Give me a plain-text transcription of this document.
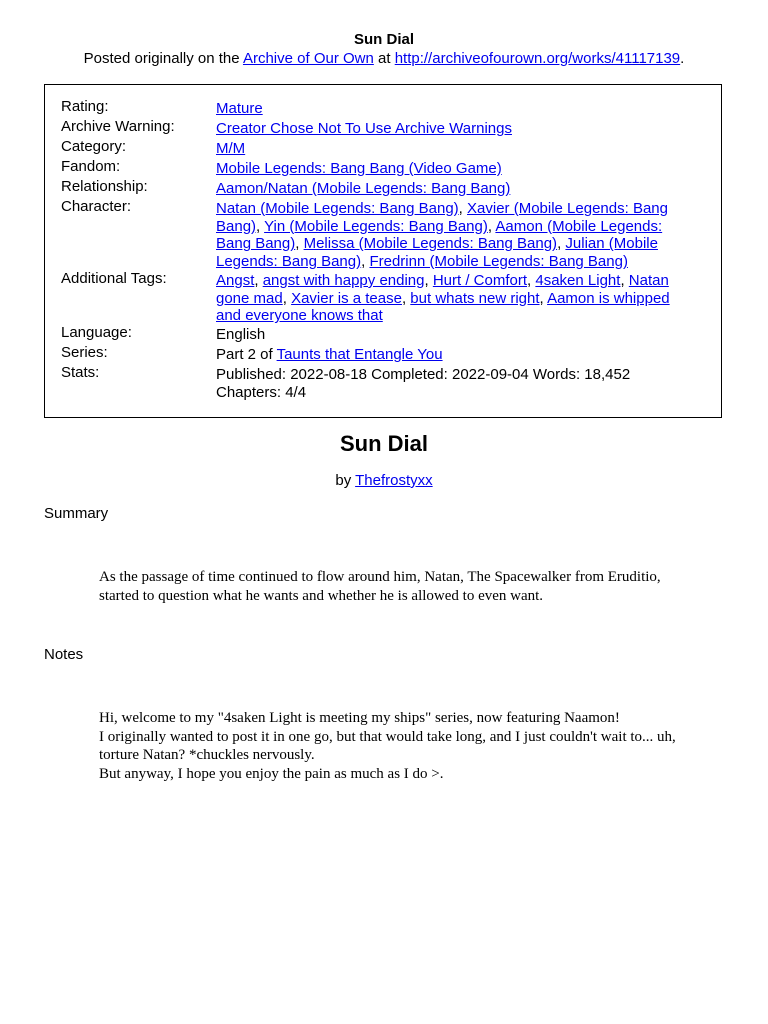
Sun Dial
Posted originally on the Archive of Our Own at http://archiveofourown.org/works/41117139.
Rating:	Mature
Archive Warning:	Creator Chose Not To Use Archive Warnings
Category:	M/M
Fandom:	Mobile Legends: Bang Bang (Video Game)
Relationship:	Aamon/Natan (Mobile Legends: Bang Bang)
Character:	Natan (Mobile Legends: Bang Bang), Xavier (Mobile Legends: Bang Bang), Yin (Mobile Legends: Bang Bang), Aamon (Mobile Legends: Bang Bang), Melissa (Mobile Legends: Bang Bang), Julian (Mobile Legends: Bang Bang), Fredrinn (Mobile Legends: Bang Bang)
Additional Tags:	Angst, angst with happy ending, Hurt / Comfort, 4saken Light, Natan gone mad, Xavier is a tease, but whats new right, Aamon is whipped and everyone knows that
Language:	English
Series:	Part 2 of Taunts that Entangle You
Stats:	Published: 2022-08-18 Completed: 2022-09-04 Words: 18,452 Chapters: 4/4
Sun Dial
by Thefrostyxx
Summary

As the passage of time continued to flow around him, Natan, The Spacewalker from Eruditio, started to question what he wants and whether he is allowed to even want.

Notes

Hi, welcome to my "4saken Light is meeting my ships" series, now featuring Naamon!

I originally wanted to post it in one go, but that would take long, and I just couldn't wait to... uh, torture Natan? *chuckles nervously.

But anyway, I hope you enjoy the pain as much as I do >.
